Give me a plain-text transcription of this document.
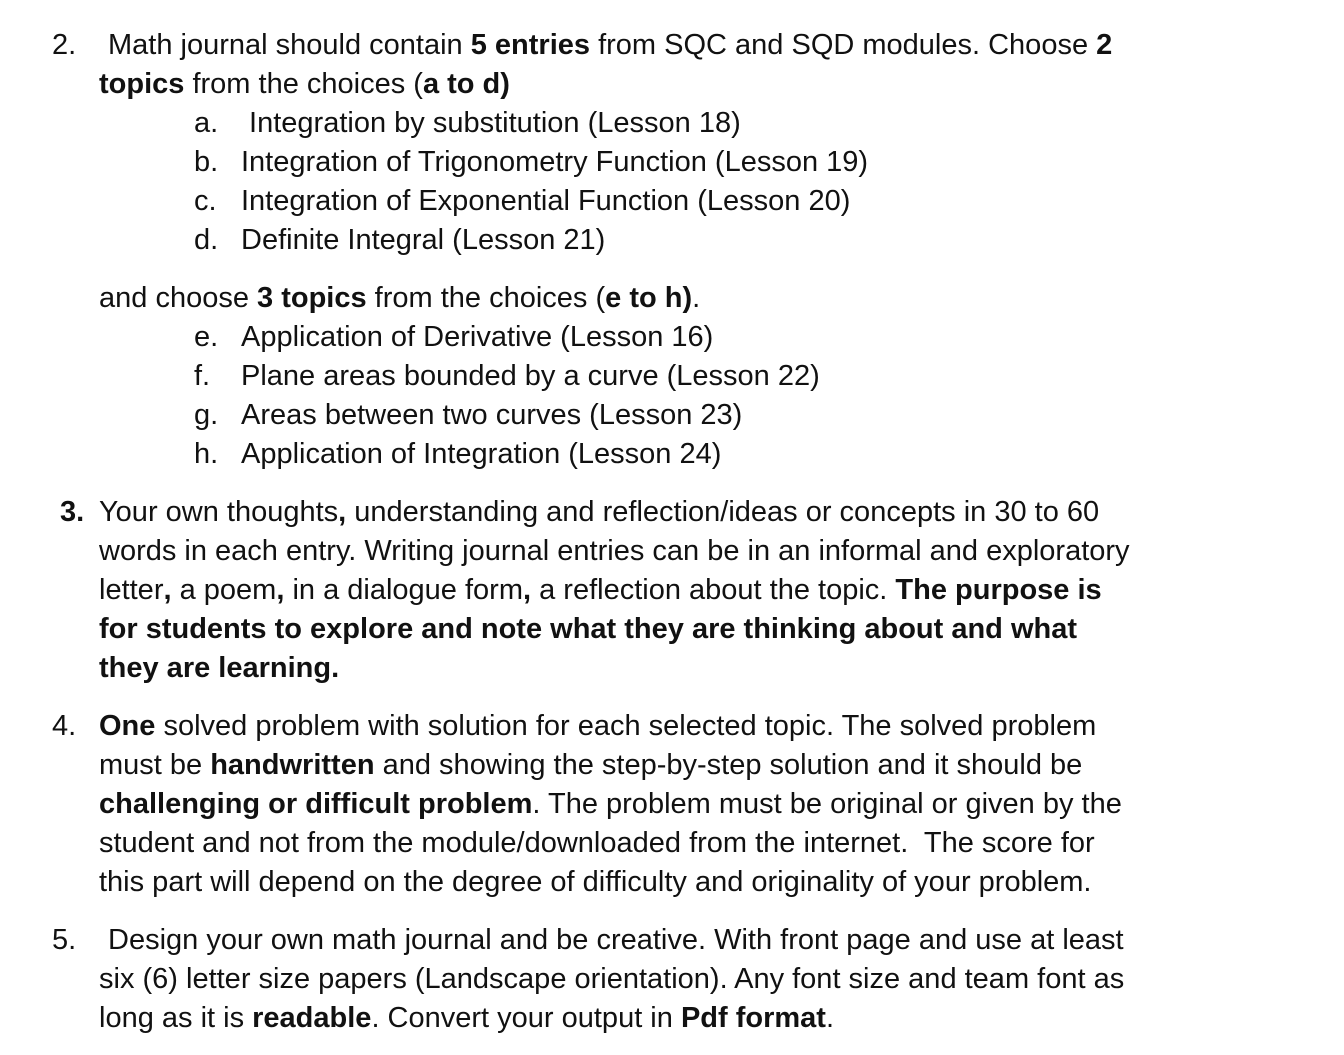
2. Math journal should contain 5 entries from SQC and SQD modules. Choose 2
topics from the choices (a to d)
a. Integration by substitution (Lesson 18)
b. Integration of Trigonometry Function (Lesson 19)
c. Integration of Exponential Function (Lesson 20)
d. Definite Integral (Lesson 21)
and choose 3 topics from the choices (e to h).
e. Application of Derivative (Lesson 16)
f. Plane areas bounded by a curve (Lesson 22)
g. Areas between two curves (Lesson 23)
h. Application of Integration (Lesson 24)
3. Your own thoughts, understanding and reflection/ideas or concepts in 30 to 60
words in each entry. Writing journal entries can be in an informal and exploratory
letter, a poem, in a dialogue form, a reflection about the topic. The purpose is
for students to explore and note what they are thinking about and what
they are learning.
4. One solved problem with solution for each selected topic. The solved problem
must be handwritten and showing the step-by-step solution and it should be
challenging or difficult problem. The problem must be original or given by the
student and not from the module/downloaded from the internet.  The score for
this part will depend on the degree of difficulty and originality of your problem.
5. Design your own math journal and be creative. With front page and use at least
six (6) letter size papers (Landscape orientation). Any font size and team font as
long as it is readable. Convert your output in Pdf format.
